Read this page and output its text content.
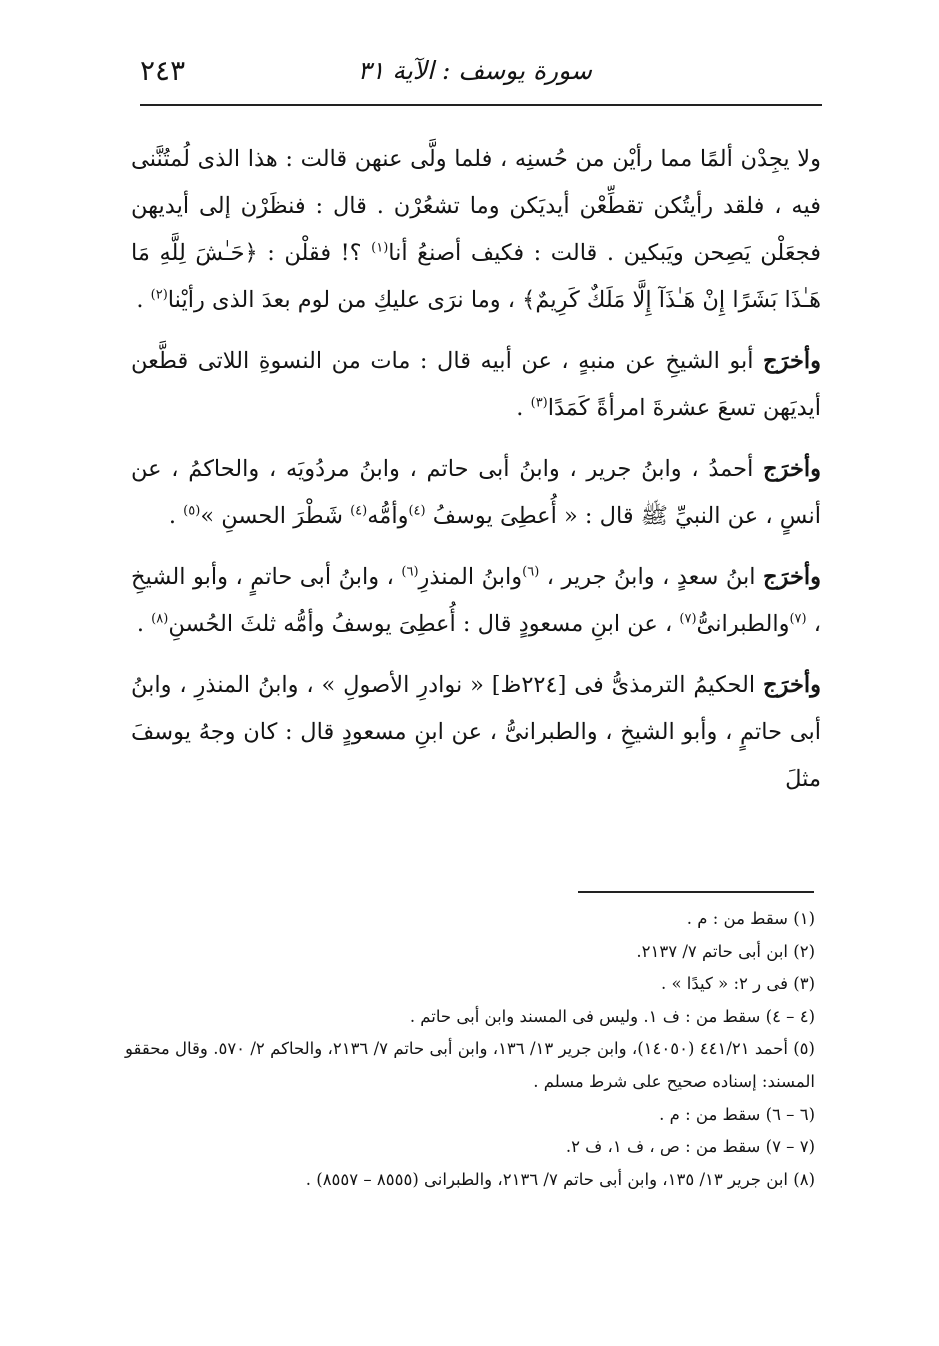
٢٤٣	سورة يوسف : الآية ٣١

ولا يجِدْن ألمًا مما رأيْن من حُسنِه ، فلما ولَّى عنهن قالت : هذا الذى لُمتُنَّنى فيه ، فلقد رأيتُكن تقطِّعْن أيديَكن وما تشعُرْن . قال : فنظَرْن إلى أيديهن فجعَلْن يَصِحن ويَبكين . قالت : فكيف أصنعُ أنا$^{(١)}$ ؟! فقلْن : ﴿حَـٰشَ لِلَّهِ مَا هَـٰذَا بَشَرًا إِنْ هَـٰذَآ إِلَّا مَلَكٌ كَرِيمٌ﴾ ، وما نرَى عليكِ من لوم بعدَ الذى رأيْنا$^{(٢)}$ .

وأخرَج أبو الشيخِ عن منبهٍ ، عن أبيه قال : مات من النسوةِ اللاتى قطَّعن أيديَهن تسعَ عشرةَ امرأةً كَمَدًا$^{(٣)}$ .

وأخرَج أحمدُ ، وابنُ جرير ، وابنُ أبى حاتم ، وابنُ مردُويَه ، والحاكمُ ، عن أنسٍ ، عن النبيِّ ﷺ قال : « أُعطِىَ يوسفُ $^{(٤)}$وأمُّه$^{(٤)}$ شَطْرَ الحسنِ »$^{(٥)}$ .

وأخرَج ابنُ سعدٍ ، وابنُ جرير ، $^{(٦)}$وابنُ المنذرِ$^{(٦)}$ ، وابنُ أبى حاتمٍ ، وأبو الشيخِ ، $^{(٧)}$والطبرانىُّ$^{(٧)}$ ، عن ابنِ مسعودٍ قال : أُعطِىَ يوسفُ وأمُّه ثلثَ الحُسنِ$^{(٨)}$ .

وأخرَج الحكيمُ الترمذىُّ فى [٢٢٤ظ] « نوادرِ الأصولِ » ، وابنُ المنذرِ ، وابنُ أبى حاتمٍ ، وأبو الشيخِ ، والطبرانىُّ ، عن ابنِ مسعودٍ قال : كان وجهُ يوسفَ مثلَ

(١) سقط من : م .
(٢) ابن أبى حاتم ٧/ ٢١٣٧.
(٣) فى ر ٢: « كيدًا » .
(٤ – ٤) سقط من : ف ١. وليس فى المسند وابن أبى حاتم .
(٥) أحمد ٤٤١/٢١ (١٤٠٥٠)، وابن جرير ١٣/ ١٣٦، وابن أبى حاتم ٧/ ٢١٣٦، والحاكم ٢/ ٥٧٠. وقال محققو المسند: إسناده صحيح على شرط مسلم .
(٦ – ٦) سقط من : م .
(٧ – ٧) سقط من : ص ، ف ١، ف ٢.
(٨) ابن جرير ١٣/ ١٣٥، وابن أبى حاتم ٧/ ٢١٣٦، والطبرانى (٨٥٥٥ – ٨٥٥٧) .
